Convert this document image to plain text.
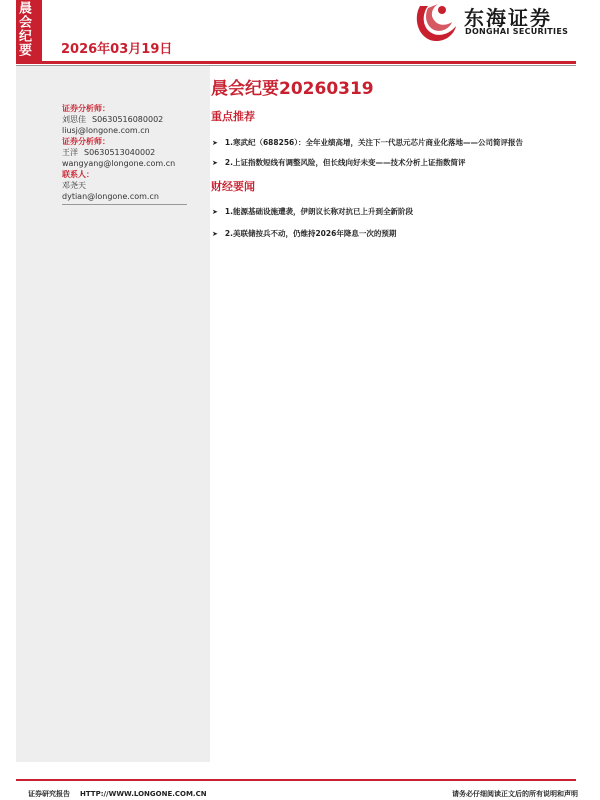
晨会纪要	2026年03月19日
东海证券
DONGHAI SECURITIES
证券分析师：
刘思佳 S0630516080002
liusj@longone.com.cn
证券分析师：
王洋 S0630513040002
wangyang@longone.com.cn
联系人：
邓尧天
dytian@longone.com.cn
晨会纪要20260319
重点推荐
➤ 1.寒武纪（688256）：全年业绩高增，关注下一代思元芯片商业化落地——公司简评报告
➤ 2.上证指数短线有调整风险，但长线向好未变——技术分析上证指数简评
财经要闻
➤ 1.能源基础设施遭袭，伊朗议长称对抗已上升到全新阶段
➤ 2.美联储按兵不动，仍维持2026年降息一次的预期
证券研究报告 HTTP://WWW.LONGONE.COM.CN	请务必仔细阅读正文后的所有说明和声明
